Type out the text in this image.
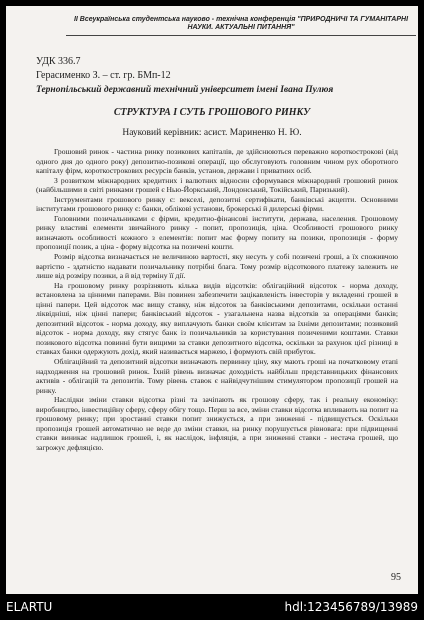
ІІ Всеукраїнська студентська науково - технічна конференція "ПРИРОДНИЧІ ТА ГУМАНІТАРНІ НАУКИ. АКТУАЛЬНІ ПИТАННЯ"
УДК 336.7
Герасименко З. – ст. гр. БМп-12
Тернопільський державний технічний університет імені Івана Пулюя
СТРУКТУРА І СУТЬ ГРОШОВОГО РИНКУ
Науковий керівник: асист. Мариненко Н. Ю.

Грошовий ринок - частина ринку позикових капіталів, де здійснюються переважно короткострокові (від одного дня до одного року) депозитно-позикові операції, що обслуговують головним чином рух оборотного капіталу фірм, короткострокових ресурсів банків, установ, держави і приватних осіб.

З розвитком міжнародних кредитних і валютних відносин сформувався міжнародний грошовий ринок (найбільшими в світі ринками грошей є Нью-Йоркський, Лондонський, Токійський, Паризький).

Інструментами грошового ринку є: векселі, депозитні сертифікати, банківські акцепти. Основними інститутами грошового ринку є: банки, облікові установи, брокерські й дилерські фірми.

Головними позичальниками є фірми, кредитно-фінансові інститути, держава, населення. Грошовому ринку властиві елементи звичайного ринку - попит, пропозиція, ціна. Особливості грошового ринку визначають особливості кожного з елементів: попит має форму попиту на позики, пропозиція - форму пропозиції позик, а ціна - форму відсотка на позичені кошти.

Розмір відсотка визначається не величиною вартості, яку несуть у собі позичені гроші, а їх споживчою вартістю - здатністю надавати позичальнику потрібні блага. Тому розмір відсоткового платежу залежить не лише від розміру позики, а й від терміну її дії.

На грошовому ринку розрізняють кілька видів відсотків: облігаційний відсоток - норма доходу, встановлена за цінними паперами. Він повинен забезпечити зацікавленість інвесторів у вкладенні грошей в цінні папери. Цей відсоток має вищу ставку, ніж відсоток за банківськими депозитами, оскільки останні ліквідніші, ніж цінні папери; банківський відсоток - узагальнена назва відсотків за операціями банків; депозитний відсоток - норма доходу, яку виплачують банки своїм клієнтам за їхніми депозитами; позиковий відсоток - норма доходу, яку стягує банк із позичальників за користування позиченими коштами. Ставки позикового відсотка повинні бути вищими за ставки депозитного відсотка, оскільки за рахунок цієї різниці в ставках банки одержують дохід, який називається маржею, і формують свій прибуток.

Облігаційний та депозитний відсотки визначають первинну ціну, яку мають гроші на початковому етапі надходження на грошовий ринок. Їхній рівень визначає доходність найбільш представницьких фінансових активів - облігацій та депозитів. Тому рівень ставок є найвідчутнішим стимулятором пропозиції грошей на ринку.

Наслідки зміни ставки відсотка різні та зачіпають як грошову сферу, так і реальну економіку: виробництво, інвестиційну сферу, сферу обігу тощо. Перш за все, зміни ставки відсотка впливають на попит на грошовому ринку; при зростанні ставки попит знижується, а при зниженні - підвищується. Оскільки пропозиція грошей автоматично не веде до зміни ставки, на ринку порушується рівновага: при підвищенні ставки виникає надлишок грошей, і, як наслідок, інфляція, а при зниженні ставки - нестача грошей, що загрожує дефляцією.

95
ELARTU	hdl:123456789/13989
